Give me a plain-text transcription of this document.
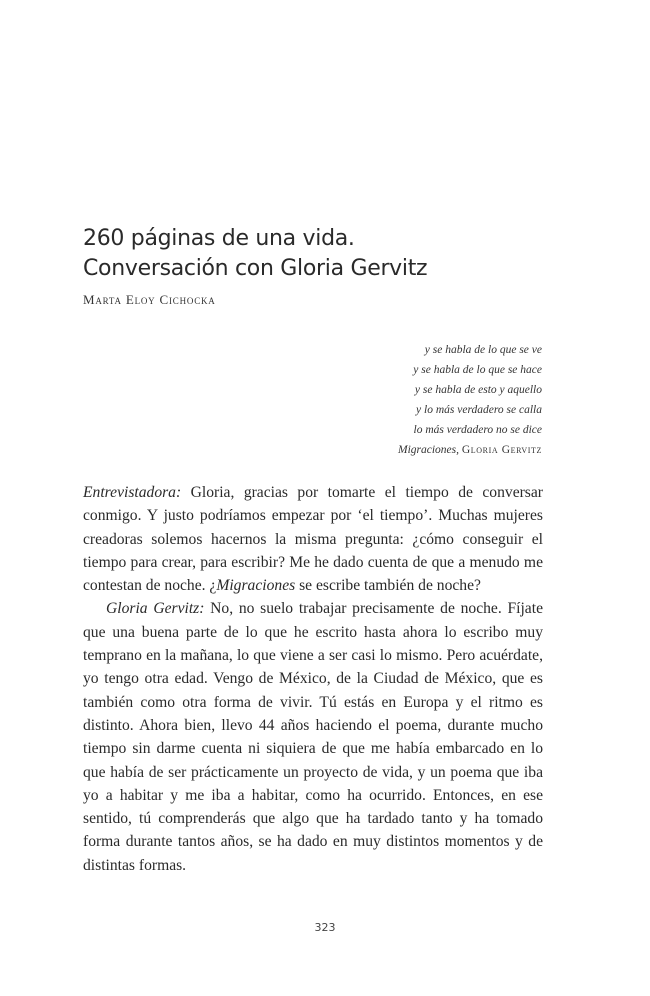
260 páginas de una vida.
Conversación con Gloria Gervitz
Marta Eloy Cichocka
y se habla de lo que se ve
y se habla de lo que se hace
y se habla de esto y aquello
y lo más verdadero se calla
lo más verdadero no se dice
Migraciones, Gloria Gervitz

Entrevistadora: Gloria, gracias por tomarte el tiempo de conversar conmigo. Y justo podríamos empezar por ‘el tiempo’. Muchas mujeres creadoras solemos hacernos la misma pregunta: ¿cómo conseguir el tiempo para crear, para escribir? Me he dado cuenta de que a menudo me contestan de noche. ¿Migraciones se escribe también de noche?

Gloria Gervitz: No, no suelo trabajar precisamente de noche. Fíjate que una buena parte de lo que he escrito hasta ahora lo escribo muy temprano en la mañana, lo que viene a ser casi lo mismo. Pero acuérdate, yo tengo otra edad. Vengo de México, de la Ciudad de México, que es también como otra forma de vivir. Tú estás en Europa y el ritmo es distinto. Ahora bien, llevo 44 años haciendo el poema, durante mucho tiempo sin darme cuenta ni siquiera de que me había embarcado en lo que había de ser prácticamente un proyecto de vida, y un poema que iba yo a habitar y me iba a habitar, como ha ocurrido. Entonces, en ese sentido, tú comprenderás que algo que ha tardado tanto y ha tomado forma durante tantos años, se ha dado en muy distintos momentos y de distintas formas.

323
